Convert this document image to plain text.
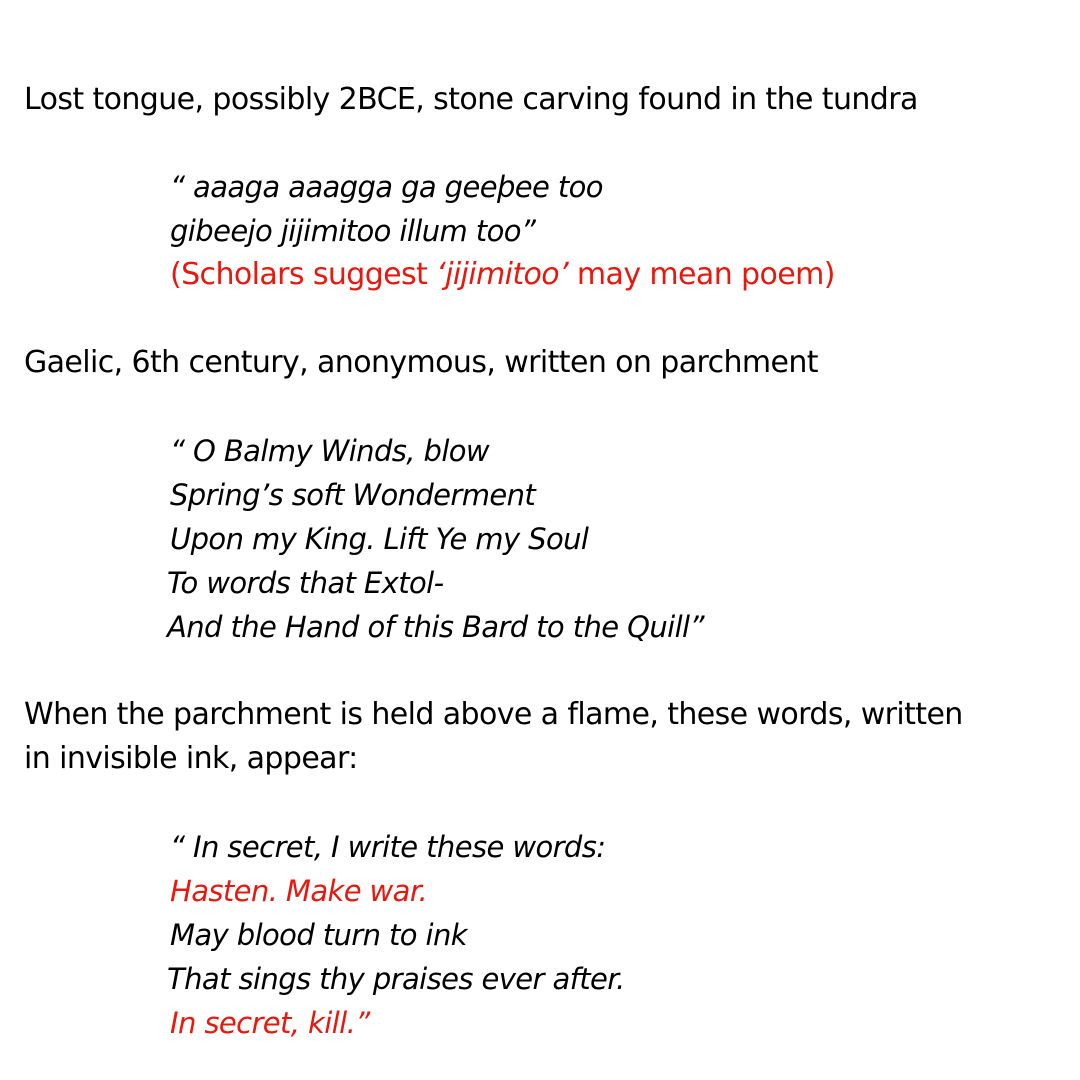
Lost tongue, possibly 2BCE, stone carving found in the tundra
“ aaaga aaagga ga geeþee too
gibeejo jijimitoo illum too”
(Scholars suggest ‘jijimitoo’ may mean poem)
Gaelic, 6th century, anonymous, written on parchment
“ O Balmy Winds, blow
Spring’s soft Wonderment
Upon my King. Lift Ye my Soul
To words that Extol-
And the Hand of this Bard to the Quill”
When the parchment is held above a flame, these words, written
in invisible ink, appear:
“ In secret, I write these words:
Hasten. Make war.
May blood turn to ink
That sings thy praises ever after.
In secret, kill.”
